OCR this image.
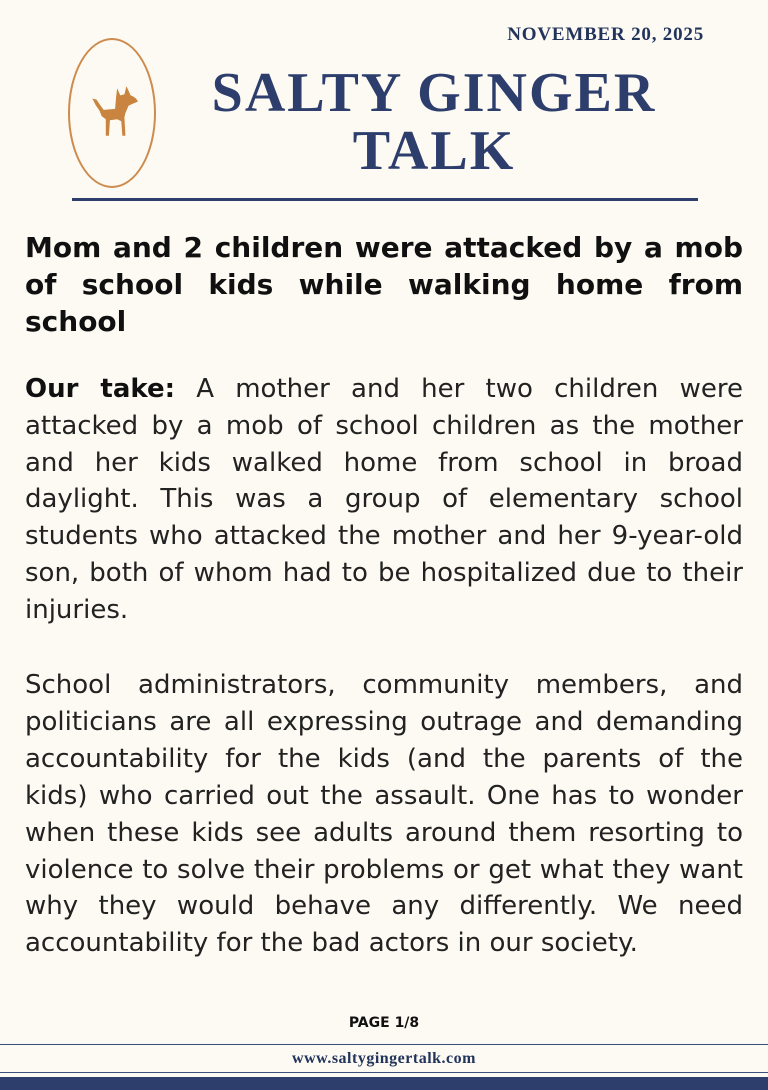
NOVEMBER 20, 2025
SALTY GINGER
TALK
Mom and 2 children were attacked by a mob of school kids while walking home from school

Our take: A mother and her two children were attacked by a mob of school children as the mother and her kids walked home from school in broad daylight. This was a group of elementary school students who attacked the mother and her 9-year-old son, both of whom had to be hospitalized due to their injuries.

School administrators, community members, and politicians are all expressing outrage and demanding accountability for the kids (and the parents of the kids) who carried out the assault. One has to wonder when these kids see adults around them resorting to violence to solve their problems or get what they want why they would behave any differently. We need accountability for the bad actors in our society.

PAGE 1/8
www.saltygingertalk.com
